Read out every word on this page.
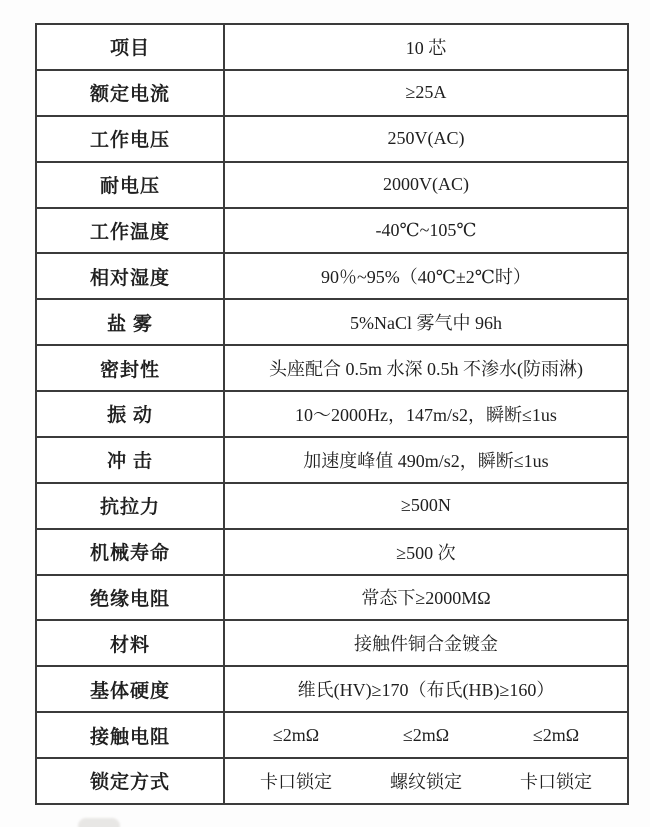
项目	10 芯
额定电流	≥25A
工作电压	250V(AC)
耐电压	2000V(AC)
工作温度	-40℃~105℃
相对湿度	90％~95%（40℃±2℃时）
盐 雾	5%NaCl 雾气中 96h
密封性	头座配合 0.5m 水深 0.5h 不渗水(防雨淋)
振 动	10～2000Hz，147m/s2，瞬断≤1us
冲 击	加速度峰值 490m/s2，瞬断≤1us
抗拉力	≥500N
机械寿命	≥500 次
绝缘电阻	常态下≥2000MΩ
材料	接触件铜合金镀金
基体硬度	维氏(HV)≥170（布氏(HB)≥160）
接触电阻	≤2mΩ	≤2mΩ	≤2mΩ
锁定方式	卡口锁定	螺纹锁定	卡口锁定
